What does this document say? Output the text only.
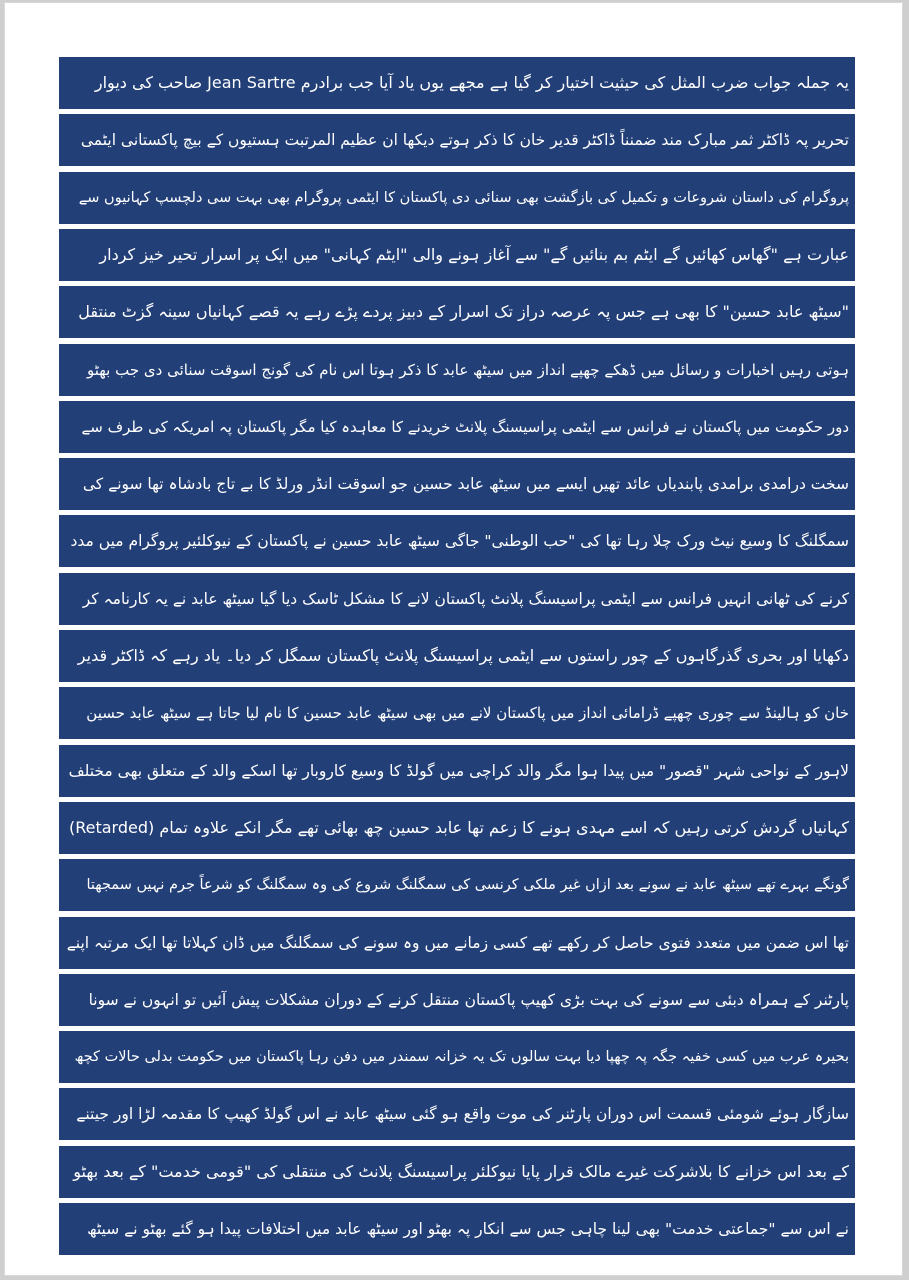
یہ جملہ جواب ضرب المثل کی حیثیت اختیار کر گیا ہے مجھے یوں یاد آیا جب برادرم Jean Sartre صاحب کی دیوار
تحریر پہ ڈاکٹر ثمر مبارک مند ضمنناً ڈاکٹر قدیر خان کا ذکر ہوتے دیکھا ان عظیم المرتبت ہستیوں کے بیچ پاکستانی ایٹمی
پروگرام کی داستان شروعات و تکمیل کی بازگشت بھی سنائی دی پاکستان کا ایٹمی پروگرام بھی بہت سی دلچسپ کہانیوں سے
عبارت ہے "گھاس کھائیں گے ایٹم بم بنائیں گے" سے آغاز ہونے والی "ایٹم کہانی" میں ایک پر اسرار تحیر خیز کردار
"سیٹھ عابد حسین" کا بھی ہے جس پہ عرصہ دراز تک اسرار کے دبیز پردے پڑے رہے یہ قصے کہانیاں سینہ گزٹ منتقل
ہوتی رہیں اخبارات و رسائل میں ڈھکے چھپے انداز میں سیٹھ عابد کا ذکر ہوتا اس نام کی گونج اسوقت سنائی دی جب بھٹو
دور حکومت میں پاکستان نے فرانس سے ایٹمی پراسیسنگ پلانٹ خریدنے کا معاہدہ کیا مگر پاکستان پہ امریکہ کی طرف سے
سخت درامدی برامدی پابندیاں عائد تھیں ایسے میں سیٹھ عابد حسین جو اسوقت انڈر ورلڈ کا بے تاج بادشاہ تھا سونے کی
سمگلنگ کا وسیع نیٹ ورک چلا رہا تھا کی "حب الوطنی" جاگی سیٹھ عابد حسین نے پاکستان کے نیوکلئیر پروگرام میں مدد
کرنے کی ٹھانی انہیں فرانس سے ایٹمی پراسیسنگ پلانٹ پاکستان لانے کا مشکل ٹاسک دیا گیا سیٹھ عابد نے یہ کارنامہ کر
دکھایا اور بحری گذرگاہوں کے چور راستوں سے ایٹمی پراسیسنگ پلانٹ پاکستان سمگل کر دیا۔ یاد رہے کہ ڈاکٹر قدیر
خان کو ہالینڈ سے چوری چھپے ڈرامائی انداز میں پاکستان لانے میں بھی سیٹھ عابد حسین کا نام لیا جاتا ہے سیٹھ عابد حسین
لاہور کے نواحی شہر "قصور" میں پیدا ہوا مگر والد کراچی میں گولڈ کا وسیع کاروبار تھا اسکے والد کے متعلق بھی مختلف
کہانیاں گردش کرتی رہیں کہ اسے مہدی ہونے کا زعم تھا عابد حسین چھ بھائی تھے مگر انکے علاوہ تمام (Retarded)
گونگے بہرے تھے سیٹھ عابد نے سونے بعد ازاں غیر ملکی کرنسی کی سمگلنگ شروع کی وہ سمگلنگ کو شرعاً جرم نہیں سمجھتا
تھا اس ضمن میں متعدد فتوی حاصل کر رکھے تھے کسی زمانے میں وہ سونے کی سمگلنگ میں ڈان کہلاتا تھا ایک مرتبہ اپنے
پارٹنر کے ہمراہ دبئی سے سونے کی بہت بڑی کھیپ پاکستان منتقل کرنے کے دوران مشکلات پیش آئیں تو انہوں نے سونا
بحیرہ عرب میں کسی خفیہ جگہ پہ چھپا دیا بہت سالوں تک یہ خزانہ سمندر میں دفن رہا پاکستان میں حکومت بدلی حالات کچھ
سازگار ہوئے شومئی قسمت اس دوران پارٹنر کی موت واقع ہو گئی سیٹھ عابد نے اس گولڈ کھیپ کا مقدمہ لڑا اور جیتنے
کے بعد اس خزانے کا بلاشرکت غیرے مالک قرار پایا نیوکلئر پراسیسنگ پلانٹ کی منتقلی کی "قومی خدمت" کے بعد بھٹو
نے اس سے "جماعتی خدمت" بھی لینا چاہی جس سے انکار پہ بھٹو اور سیٹھ عابد میں اختلافات پیدا ہو گئے بھٹو نے سیٹھ
